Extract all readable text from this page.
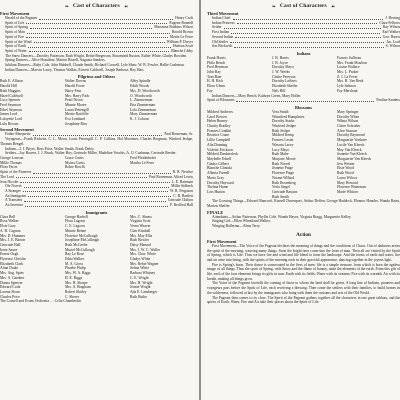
❧ Cast of Characters ☙
First Movement
Herald of the Pageant	Henry Craft
Spirit of Life	Eugene Bonnell
Spirit of Spring	Marianne Robbins Wilson
Spirit of Man	Harold Brown
Spirit of Fire	Mattie Le Ferre
Spirit of the Wind	William P. Dwyer
Spirit of Earth	Hudson Scott
Spirit of Water	Blanche Libby
The Snow Dancers—Dorothy Patterson, Ruth Wright, Bettie Bergerson, Rosamond Ruston, Esther White, Gladys Bowden.
Spring Dancers—Alice Hamilton, Marion Bissell, Augusta Sanders.
Jubilant Dancers—Ruby Cole, John Hubbell, Claude Smith, Richard Corwell, Lyle Shaw, W. B. Fowler, Hallie Cushman.
Indian Dancers—Marvin Lacey, Thomas Walker, Everett Caldwell, Joseph Barbour, Roy Hart.
Pilgrims and Others
Ruth E. Allison	Walter Downs	Abby Spindle
Harold Hill	Harold Foote	Edith Woods
Ruth Huggins	Harry Fern	Mrs. D. Woodworth
Hazel Caldwell	Mrs. Harry Park	O. Woodworth
Lucy Spencer	Pearl Nixon	L. Zimmerman
Fred Seymour	Minnie Moore	Etta Zimmerman
Ethel Seymour	Laura Pettengill	Lola Zimmerman
James Lord	Mertie Ratcliffe	Mary Zimmerman
Lafayette Lord	Eva Lombard	K. J. Coburn
Lulu Bowen	Josephine Ries
Second Movement
Father Marquette	Paul Borneman, Sr.
Voyageurs—Frank Ricketts, C. L. Moon, Louis Pettengill, C. P. Calkins, Hal Mortimer, Charles Bergman, Winfred Jeshpe, Thomas Bengel.
Indians—J. J. Beyer, Ross Price, Walter Smith, Frank Daley.
Settlers—Jay Bowen, J. J. Brack, Walter Hoy, Gertrude Miller, Madeline Voorhis, A. O. Cushman, Gertrude Reeder.
George Lawson	Grace Curtis	Fred Pfeiderhehrt
Millie Thomas	Myrna Curtis	Martha Le Ferre
Flora Ferris	Robie Rowlh
Spirit of the Pioneers	B. B. Newbre
The Lord	Paul Borneman, Alfred Lewis
Jean Nicolet	L. E. Bateman
Ole Norvet	Millie Sidbeck
A Stranger	W. R. Ferguson
An Immigrant	C. B. Bartlett
A Transient	Gertrude Chilton
An Inventor	F. Redford Hall
Immigrants
Clara Bell	George Harbell	Mrs. C. Shears
Rosa Walker	Flora Lagoon	Virginia Scott
Elsie Gray	C. E. Lagoon	Verna Weaver
A. H. Cagnon	Minnie Benne	Clair Kimball
Mrs. D. Hammer	Florence McCullough	Mrs. May Ellis
Mrs. J. E. Barton	Josephine McCullough	Ruth Bowler
Gertrude Hall	Ruth McGeehe	Daisy Manard
Irene Sauze	Muriel McCullough	Mrs. J. W. C. Waller
Ernest Ozgh	Ray Le Rose	Mrs. Chas. White
Florence Chrislin	Edna Walker	Gladys White
Elizabeth Clark	M. A. Gross	Mrs. Bebie Wagner
Alma Drake	Phoebe Philip	Selma White
Mrs. Aug. Spies	Mrs. W. A. Riggs	Barbara Whitney
Mrs. A. Gardner	H. E. Riggs	C. E. Wright
Donna Spencer	Mrs. H. Sharpe	Mrs. H. Wright
Edward Cook	Mrs. A. Bingham	Jennie Wright
Lorena Sloan	Robert Shirley	Ada E. Lamberger
Charles Price	C. Sherer	Ruth Ruthe
The Cornell and Evans Orchestra … Celia Chamberlin
❧ Cast of Characters ☙
Third Movement
Indian Chief	J. Herring
Indian Princess	Clara Fellows
Settler	Ray Wilson
First Indian	Earl Walker
Second Indian	Geo. Harris
Old Settler	Jas. Lord
Jim Beckwith	S. Wilson
Indians
Frank Harris	J. B. Harris	Francis Sullivan
Philo Bench	J. B. Joyce	Mrs. Frank Moulton
Fred Herrman	Dorothy Mayo	Louise Wallace
John Ray	J. W. Weeks	Mrs. L. Parker
Tom Baer	Clarke Peterson	Z. J. La Fever
H. H. Rich	Dorothy Lefferts	Mrs. H. Van Beek
Elton Glenn	Elizabeth Sheffer	Lyle Salmon
Fay	Nels Hill	Fay Merchant
Indian Dancers—Mary Bench, Kathryn Green, Mary Holler.
Spirit of Blossoms	Pauline Sanders
Blossoms
Mildred Andrews	Vera Smith	Mary Springer
Carol Bowen	Winnifred Humphries	Dorothy White
Helen Burney	Dorothy Starks	Wilma Wilson
Charity Bradley	Winifred Jeshpe	Claire Schroder
Frances Conklin	Ruth Jeshpe	Alice Stasson
Beatrice Crane	Mildred Kemp	Dorothy Raymond
Lillie Campbell	Frances Lester	Marguerite Verthner
Alta Dunning	Winona Lacey	Lucile Van Kleeck
Violette Erickson	Lucy Mayo	May Van Kleeck
Mildred Dankersleck	Ruth Mahe	Jeanette Van Kleeck
Maybelle Edsell	Marjorie Moore	Marguerite Van Kleeck
Gladys Gilbert	Ruth Norvel	Jess Werner
Blanche Gliniski	Jeanette Paige	Elsie Wood
Alberta Farnell	Florence Paige	Ruth Wood
Maria Gray	Norma Willard	Laura Wilcox
Dorothy Hayward	Ruth Rosenberg	Mary Howard
Thelma Hume	Verla Siegel	Florence Waterman
Lois Hutton	Gertrude Bassins	Marie Whiton
Ruth Smith
The Growing Things—Edward Bancroft, Russell Davenport, Arthur Deffen, George Haddock, Eleanor Hansler, Wanda Bates, Marion Sheffer.
FINALE
Attendants—Arthur Patterson, Phyllis Cole, Wanda Hayes, Virginia Bragg, Marguerite Kelley.
Singing Girl—Ellen Wheatland Walker.
Winging Ballerina—Alma Terry.
Action
First Movement
First Movement—The Voice of the Pageant declares the meaning of things and the conditions of Chaos. Out of darkness arises the spirit of the morning, weaving many things. Soon the bright ones come into the form of man. Then all are visited by the Spirit of Spring, which is Life. Thus we have fire and wind and life blend to form the landscape. And the forms of earth and water, fire and air arise into being, with the spirits of the morning each in their graceful appearance, dancing together in the joyous light.
Fire is Spring's boon. Their dance is consecrated in the lives of men: life is a simple treasure, from which is born the ageless image of all things. Thus the spirit of Spring, with Snow and the flame of bounty, unite the elements of the earth. From this gift of life, each of the four elements brings its gifts in turn: Earth with its fields; Water with its streams; Fire with its warmth; Air with its breath, making all things grow.
The Voice of the Pageant foretells the coming of those to whom the land shall be given. A long line of Indians, pioneers and voyageurs pass before the Spirit of Life, each receiving a blessing. Then come the settlers with their families, to build homes in the wilderness, followed at last by the immigrants who bring with them the customs and arts of the Old World.
The Pageant then comes to its close. The Spirit of the Pageant gathers together all the characters in one great tableau, and the spirits of Earth, Water, Fire and Air take their places about the Spirit of Life.
